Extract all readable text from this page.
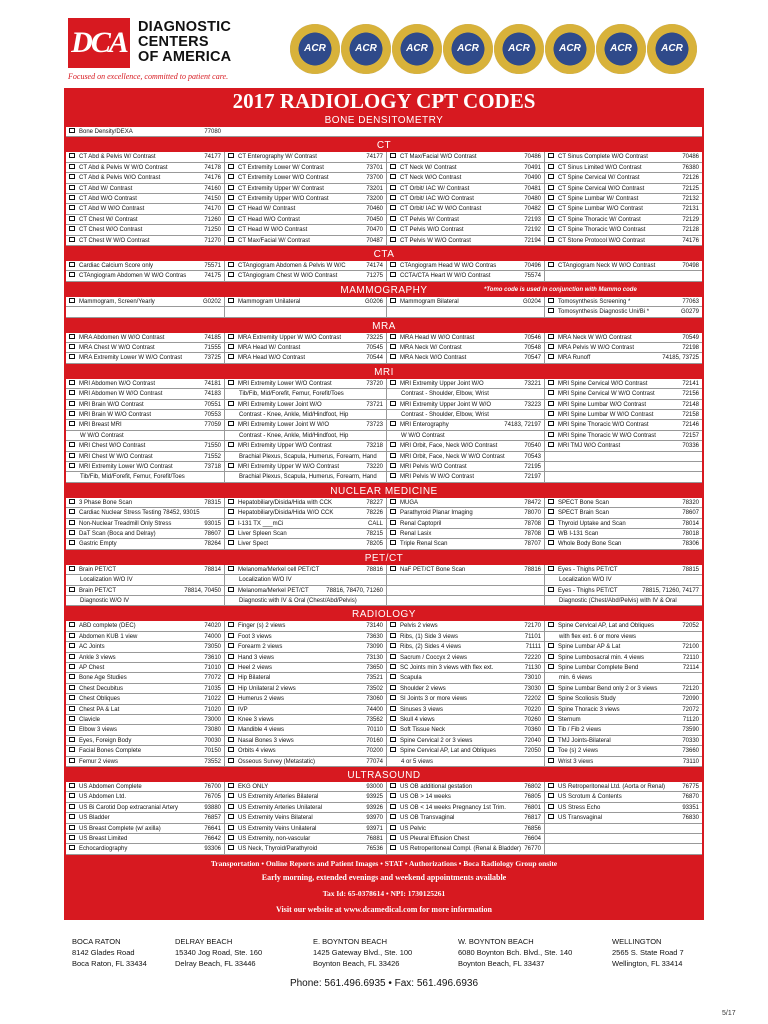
DCA DIAGNOSTIC
CENTERS
OF AMERICA
Focused on excellence, committed to patient care.
ACR	ACR	ACR	ACR	ACR	ACR	ACR	ACR
2017 RADIOLOGY CPT CODES
BONE DENSITOMETRY
Bone Density/DEXA	77080
CT
CT Abd & Pelvis W/ Contrast	74177	CT Enterography W/ Contrast	74177	CT Max/Facial W/O Contrast	70486	CT Sinus Complete W/O Contrast	70486
CT Abd & Pelvis W W/O Contrast	74178	CT Extremity Lower W/ Contrast	73701	CT Neck W/ Contrast	70491	CT Sinus Limited W/O Contrast	76380
CT Abd & Pelvis W/O Contrast	74176	CT Extremity Lower W/O Contrast	73700	CT Neck W/O Contrast	70490	CT Spine Cervical W/ Contrast	72126
CT Abd W/ Contrast	74160	CT Extremity Upper W/ Contrast	73201	CT Orbit/ IAC W/ Contrast	70481	CT Spine Cervical W/O Contrast	72125
CT Abd W/O Contrast	74150	CT Extremity Upper W/O Contrast	73200	CT Orbit/ IAC W/O Contrast	70480	CT Spine Lumbar W/ Contrast	72132
CT Abd W W/O Contrast	74170	CT Head W/ Contrast	70460	CT Orbit/ IAC W W/O Contrast	70482	CT Spine Lumbar W/O Contrast	72131
CT Chest W/ Contrast	71260	CT Head W/O Contrast	70450	CT Pelvis W/ Contrast	72193	CT Spine Thoracic W/ Contrast	72129
CT Chest W/O Contrast	71250	CT Head W W/O Contrast	70470	CT Pelvis W/O Contrast	72192	CT Spine Thoracic W/O Contrast	72128
CT Chest W W/O Contrast	71270	CT Max/Facial W/ Contrast	70487	CT Pelvis W W/O Contrast	72194	CT Stone Protocol W/O Contrast	74176
CTA
Cardiac Calcium Score only	75571	CTAngiogram Abdomen & Pelvis W W/C	74174	CTAngiogram Head W W/O Contras	70496	CTAngiogram Neck W W/O Contrast	70498
CTAngiogram Abdomen W W/O Contras	74175	CTAngiogram Chest W W/O Contrast	71275	CCTA/CTA Heart W W/O Contrast	75574
MAMMOGRAPHY	*Tomo code is used in conjunction with Mammo code
Mammogram, Screen/Yearly	G0202	Mammogram Unilateral	G0206	Mammogram Bilateral	G0204	Tomosynthesis Screening *	77063
Tomosynthesis Diagnostic Uni/Bi *	G0279
MRA
MRA Abdomen W W/O Contrast	74185	MRA Extremity Upper W W/O Contrast	73225	MRA Head W W/O Contrast	70546	MRA Neck W W/O Contrast	70549
MRA Chest W W/O Contrast	71555	MRA Head W/ Contrast	70545	MRA Neck W/ Contrast	70548	MRA Pelvis W W/O Contrast	72198
MRA Extremity Lower W W/O Contrast	73725	MRA Head W/O Contrast	70544	MRA Neck W/O Contrast	70547	MRA Runoff	74185, 73725
MRI
MRI Abdomen W/O Contrast	74181	MRI Extremity Lower W/O Contrast	73720	MRI Extremity Upper Joint W/O	73221	MRI Spine Cervical W/O Contrast	72141
MRI Abdomen W W/O Contrast	74183	Tib/Fib, Mid/Forefit, Femur, Forefit/Toes	Contrast - Shoulder, Elbow, Wrist	MRI Spine Cervical W W/O Contrast	72156
MRI Brain W/O Contrast	70551	MRI Extremity Lower Joint W/O	73721	MRI Extremity Upper Joint W W/O	73223	MRI Spine Lumbar W/O Contrast	72148
MRI Brain W W/O Contrast	70553	Contrast - Knee, Ankle, Mid/Hindfoot, Hip	Contrast - Shoulder, Elbow, Wrist	MRI Spine Lumbar W W/O Contrast	72158
MRI Breast MRI	77059	MRI Extremity Lower Joint W W/O	73723	MRI Enterography	74183, 72197	MRI Spine Thoracic W/O Contrast	72146
W W/O Contrast	Contrast - Knee, Ankle, Mid/Hindfoot, Hip	W W/O Contrast	MRI Spine Thoracic W W/O Contrast	72157
MRI Chest W/O Contrast	71550	MRI Extremity Upper W/O Contrast	73218	MRI Orbit, Face, Neck W/O Contrast	70540	MRI TMJ W/O Contrast	70336
MRI Chest W W/O Contrast	71552	Brachial Plexus, Scapula, Humerus, Forearm, Hand	MRI Orbit, Face, Neck W W/O Contrast	70543
MRI Extremity Lower W/O Contrast	73718	MRI Extremity Upper W W/O Contrast	73220	MRI Pelvis W/O Contrast	72195
Tib/Fib, Mid/Forefit, Femur, Forefit/Toes	Brachial Plexus, Scapula, Humerus, Forearm, Hand	MRI Pelvis W W/O Contrast	72197
NUCLEAR MEDICINE
3 Phase Bone Scan	78315	Hepatobiliary/Disida/Hida with CCK	78227	MUGA	78472	SPECT Bone Scan	78320
Cardiac Nuclear Stress Testing 78452, 93015	Hepatobiliary/Disida/Hida W/O CCK	78226	Parathyroid Planar Imaging	78070	SPECT Brain Scan	78607
Non-Nuclear Treadmill Only Stress	93015	I-131 TX ___mCi	CALL	Renal Captopril	78708	Thyroid Uptake and Scan	78014
DaT Scan (Boca and Delray)	78607	Liver Spleen Scan	78215	Renal Lasix	78708	WB I-131 Scan	78018
Gastric Empty	78264	Liver Spect	78205	Triple Renal Scan	78707	Whole Body Bone Scan	78306
PET/CT
Brain PET/CT	78814	Melanoma/Merkel cell PET/CT	78816	NaF PET/CT Bone Scan	78816	Eyes - Thighs PET/CT	78815
Localization W/O IV	Localization W/O IV	Localization W/O IV
Brain PET/CT	78814, 70450	Melanoma/Merkel PET/CT	78816, 78470, 71260	Eyes - Thighs PET/CT	78815, 71260, 74177
Diagnostic W/O IV	Diagnostic with IV & Oral (Chest/Abd/Pelvis)	Diagnostic (Chest/Abd/Pelvis) with IV & Oral
RADIOLOGY
ABD complete (DEC)	74020	Finger (s) 2 views	73140	Pelvis 2 views	72170	Spine Cervical AP, Lat and Obliques	72052
Abdomen KUB 1 view	74000	Foot 3 views	73630	Ribs, (1) Side 3 views	71101	with flex ext. 6 or more views
AC Joints	73050	Forearm 2 views	73090	Ribs, (2) Sides 4 views	71111	Spine Lumbar AP & Lat	72100
Ankle 3 views	73610	Hand 3 views	73130	Sacrum / Coccyx 2 views	72220	Spine Lumbosacral min. 4 views	72110
AP Chest	71010	Heel 2 views	73650	SC Joints min 3 views with flex ext.	71130	Spine Lumbar Complete Bend	72114
Bone Age Studies	77072	Hip Bilateral	73521	Scapula	73010	min. 6 views
Chest Decubitus	71035	Hip Unilateral 2 views	73502	Shoulder 2 views	73030	Spine Lumbar Bend only 2 or 3 views	72120
Chest Obliques	71022	Humerus 2 views	73060	SI Joints 3 or more views	72202	Spine Scoliosis Study	72090
Chest PA & Lat	71020	IVP	74400	Sinuses 3 views	70220	Spine Thoracic 3 views	72072
Clavicle	73000	Knee 3 views	73562	Skull 4 views	70260	Sternum	71120
Elbow 3 views	73080	Mandible 4 views	70110	Soft Tissue Neck	70360	Tib / Fib 2 views	73590
Eyes, Foreign Body	70030	Nasal Bones 3 views	70160	Spine Cervical 2 or 3 views	72040	TMJ Joints-Bilateral	70330
Facial Bones Complete	70150	Orbits 4 views	70200	Spine Cervical AP, Lat and Obliques	72050	Toe (s) 2 views	73660
Femur 2 views	73552	Osseous Survey (Metastatic)	77074	4 or 5 views	Wrist 3 views	73110
ULTRASOUND
US Abdomen Complete	76700	EKG ONLY	93000	US OB additional gestation	76802	US Retroperitoneal Ltd. (Aorta or Renal)	76775
US Abdomen Ltd.	76705	US Extremity Arteries Bilateral	93925	US OB > 14 weeks	76805	US Scrotum & Contents	76870
US Bi Carotid Dop extracranial Artery	93880	US Extremity Arteries Unilateral	93926	US OB < 14 weeks Pregnancy 1st Trim.	76801	US Stress Echo	93351
US Bladder	76857	US Extremity Veins Bilateral	93970	US OB Transvaginal	76817	US Transvaginal	76830
US Breast Complete (w/ axilla)	76641	US Extremity Veins Unilateral	93971	US Pelvic	76856
US Breast Limited	76642	US Extremity, non-vascular	76881	US Pleural Effusion Chest	76604
Echocardiography	93306	US Neck, Thyroid/Parathyroid	76536	US Retroperitoneal Compl. (Renal & Bladder) 76770
Transportation • Online Reports and Patient Images • STAT • Authorizations • Boca Radiology Group onsite
Early morning, extended evenings and weekend appointments available
Tax Id: 65-0378614 • NPI: 1730125261
Visit our website at www.dcamedical.com for more information
BOCA RATON
8142 Glades Road
Boca Raton, FL 33434
DELRAY BEACH
15340 Jog Road, Ste. 160
Delray Beach, FL 33446
E. BOYNTON BEACH
1425 Gateway Blvd., Ste. 100
Boynton Beach, FL 33426
W. BOYNTON BEACH
6080 Boynton Bch. Blvd., Ste. 140
Boynton Beach, FL 33437
WELLINGTON
2565 S. State Road 7
Wellington, FL 33414
Phone: 561.496.6935 • Fax: 561.496.6936
5/17
